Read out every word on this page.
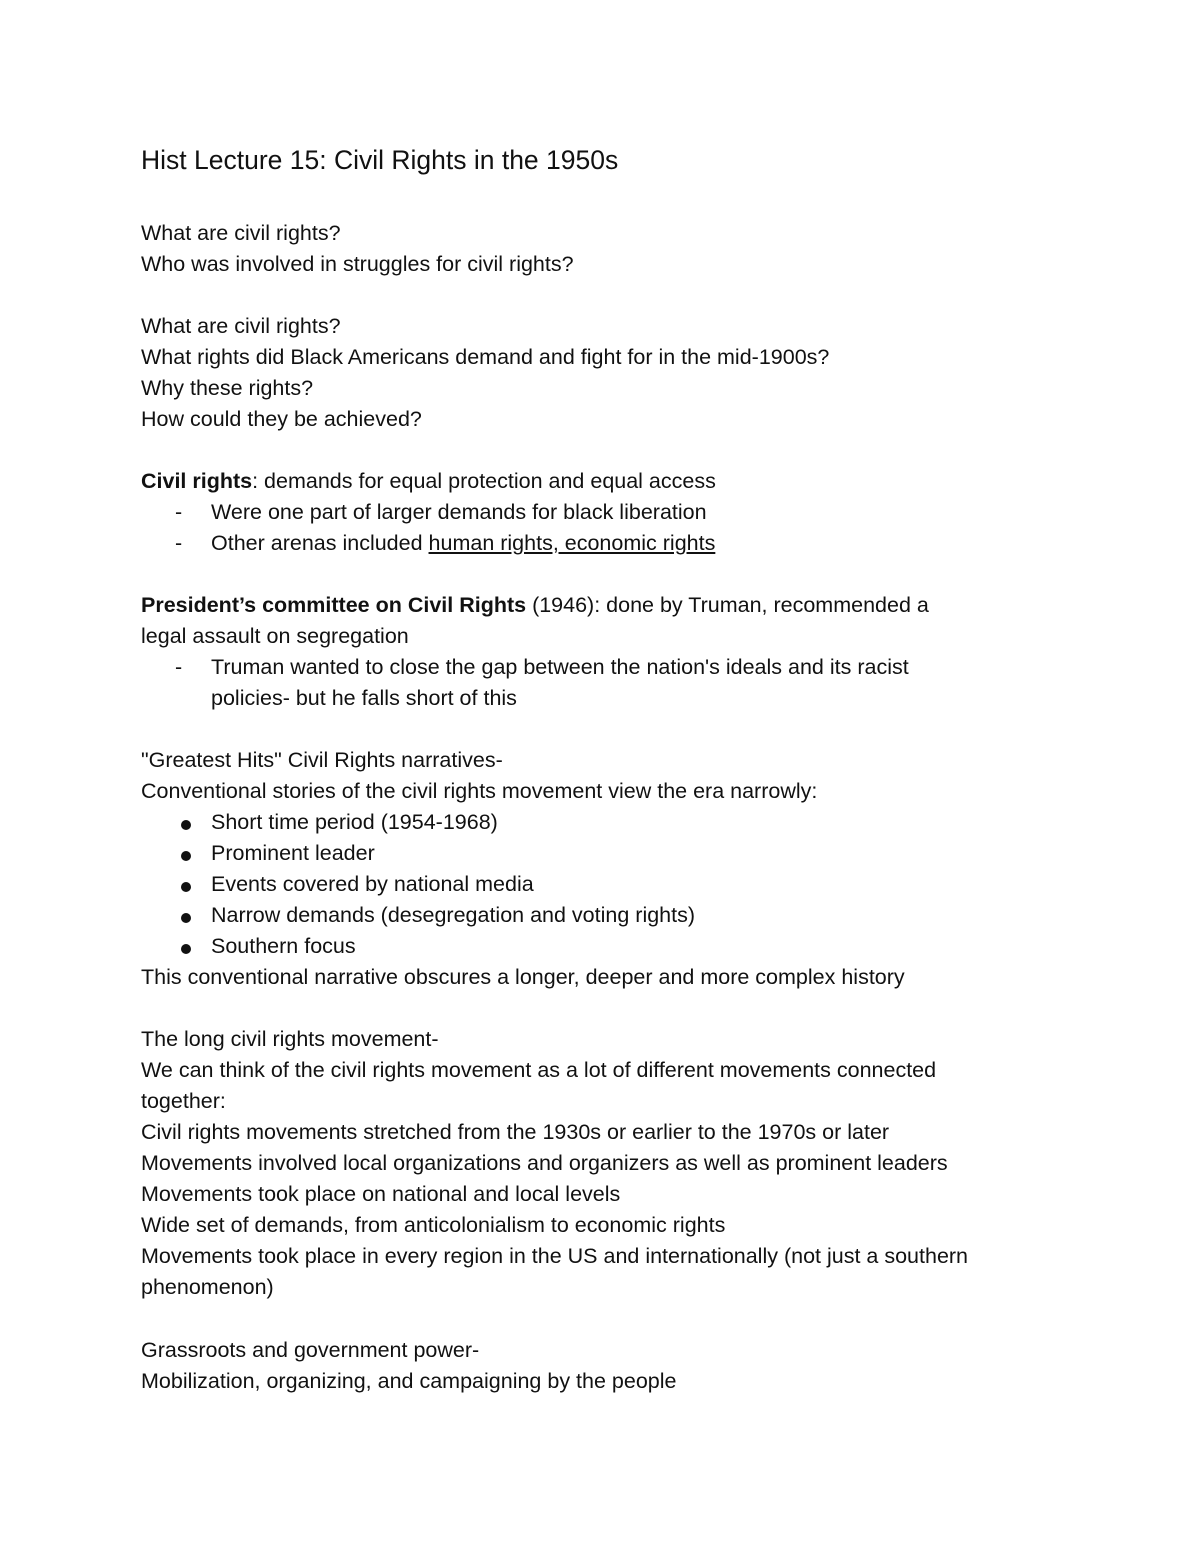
Hist Lecture 15: Civil Rights in the 1950s
What are civil rights?
Who was involved in struggles for civil rights?
What are civil rights?
What rights did Black Americans demand and fight for in the mid-1900s?
Why these rights?
How could they be achieved?
Civil rights: demands for equal protection and equal access
- Were one part of larger demands for black liberation
- Other arenas included human rights, economic rights
President’s committee on Civil Rights (1946): done by Truman, recommended a
legal assault on segregation
- Truman wanted to close the gap between the nation's ideals and its racist
policies- but he falls short of this
"Greatest Hits" Civil Rights narratives-
Conventional stories of the civil rights movement view the era narrowly:
Short time period (1954-1968)
Prominent leader
Events covered by national media
Narrow demands (desegregation and voting rights)
Southern focus
This conventional narrative obscures a longer, deeper and more complex history
The long civil rights movement-
We can think of the civil rights movement as a lot of different movements connected
together:
Civil rights movements stretched from the 1930s or earlier to the 1970s or later
Movements involved local organizations and organizers as well as prominent leaders
Movements took place on national and local levels
Wide set of demands, from anticolonialism to economic rights
Movements took place in every region in the US and internationally (not just a southern
phenomenon)
Grassroots and government power-
Mobilization, organizing, and campaigning by the people
